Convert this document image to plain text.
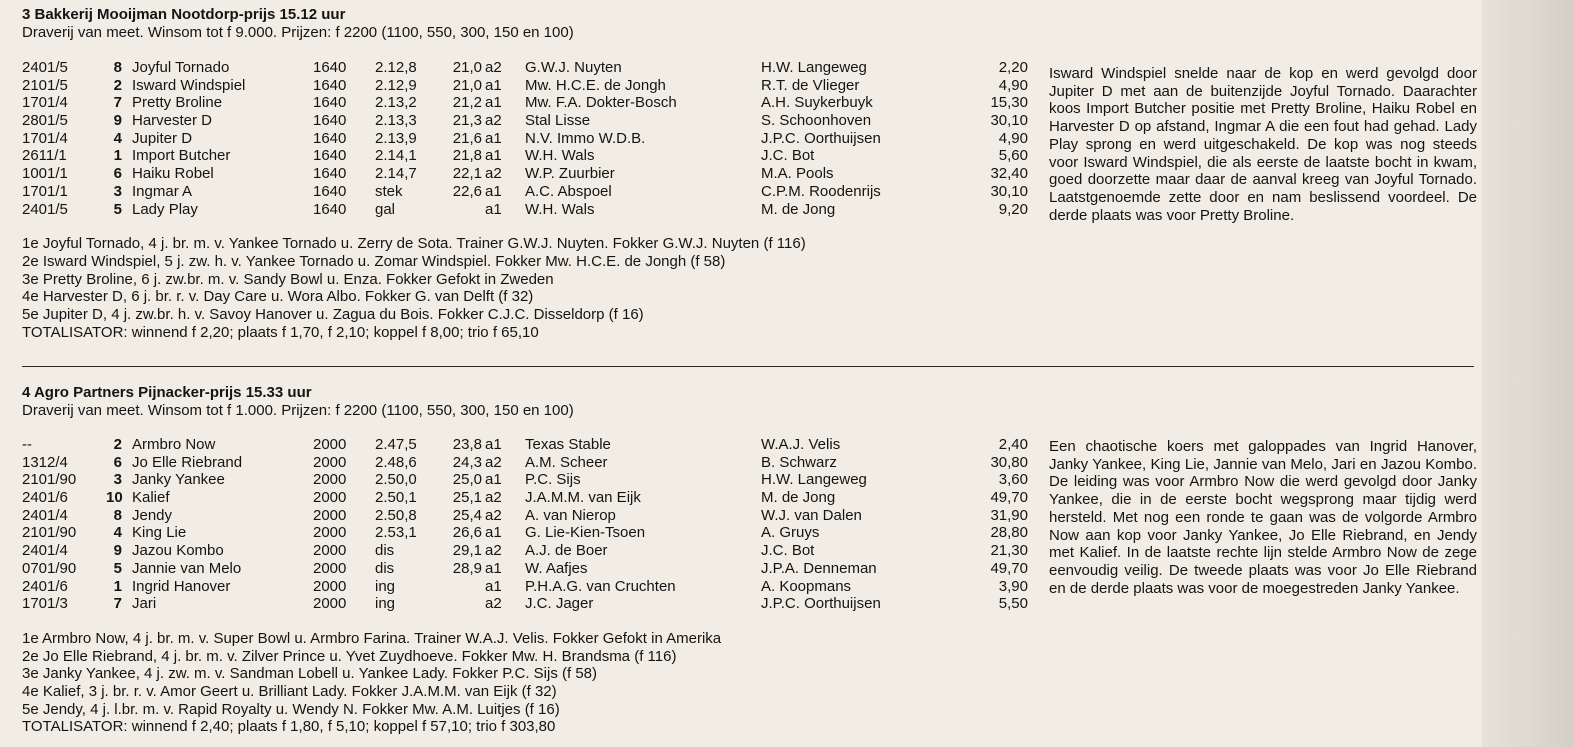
3 Bakkerij Mooijman Nootdorp-prijs 15.12 uur
Draverij van meet. Winsom tot f 9.000. Prijzen: f 2200 (1100, 550, 300, 150 en 100)
2401/5	8 Joyful Tornado	1640 2.12,8	21,0 a2 G.W.J. Nuyten	H.W. Langeweg	2,20
2101/5	2 Isward Windspiel	1640 2.12,9	21,0 a1 Mw. H.C.E. de Jongh	R.T. de Vlieger	4,90
1701/4	7 Pretty Broline	1640 2.13,2	21,2 a1 Mw. F.A. Dokter-Bosch	A.H. Suykerbuyk	15,30
2801/5	9 Harvester D	1640 2.13,3	21,3 a2 Stal Lisse	S. Schoonhoven	30,10
1701/4	4 Jupiter D	1640 2.13,9	21,6 a1 N.V. Immo W.D.B.	J.P.C. Oorthuijsen	4,90
2611/1	1 Import Butcher	1640 2.14,1	21,8 a1 W.H. Wals	J.C. Bot	5,60
1001/1	6 Haiku Robel	1640 2.14,7	22,1 a2 W.P. Zuurbier	M.A. Pools	32,40
1701/1	3 Ingmar A	1640 stek	22,6 a1 A.C. Abspoel	C.P.M. Roodenrijs	30,10
2401/5	5 Lady Play	1640 gal	a1 W.H. Wals	M. de Jong	9,20
Isward Windspiel snelde naar de kop en werd gevolgd door Jupiter D met aan de buitenzijde Joyful Tornado. Daarachter koos Import Butcher positie met Pretty Broline, Haiku Robel en Harvester D op afstand, Ingmar A die een fout had gehad. Lady Play sprong en werd uitgeschakeld. De kop was nog steeds voor Isward Windspiel, die als eerste de laatste bocht in kwam, goed doorzette maar daar de aanval kreeg van Joyful Tornado. Laatstgenoemde zette door en nam beslissend voordeel. De derde plaats was voor Pretty Broline.
1e Joyful Tornado, 4 j. br. m. v. Yankee Tornado u. Zerry de Sota. Trainer G.W.J. Nuyten. Fokker G.W.J. Nuyten (f 116)
2e Isward Windspiel, 5 j. zw. h. v. Yankee Tornado u. Zomar Windspiel. Fokker Mw. H.C.E. de Jongh (f 58)
3e Pretty Broline, 6 j. zw.br. m. v. Sandy Bowl u. Enza. Fokker Gefokt in Zweden
4e Harvester D, 6 j. br. r. v. Day Care u. Wora Albo. Fokker G. van Delft (f 32)
5e Jupiter D, 4 j. zw.br. h. v. Savoy Hanover u. Zagua du Bois. Fokker C.J.C. Disseldorp (f 16)
TOTALISATOR: winnend f 2,20; plaats f 1,70, f 2,10; koppel f 8,00; trio f 65,10
4 Agro Partners Pijnacker-prijs 15.33 uur
Draverij van meet. Winsom tot f 1.000. Prijzen: f 2200 (1100, 550, 300, 150 en 100)
--	2 Armbro Now	2000 2.47,5	23,8 a1 Texas Stable	W.A.J. Velis	2,40
1312/4	6 Jo Elle Riebrand	2000 2.48,6	24,3 a2 A.M. Scheer	B. Schwarz	30,80
2101/90	3 Janky Yankee	2000 2.50,0	25,0 a1 P.C. Sijs	H.W. Langeweg	3,60
2401/6	10 Kalief	2000 2.50,1	25,1 a2 J.A.M.M. van Eijk	M. de Jong	49,70
2401/4	8 Jendy	2000 2.50,8	25,4 a2 A. van Nierop	W.J. van Dalen	31,90
2101/90	4 King Lie	2000 2.53,1	26,6 a1 G. Lie-Kien-Tsoen	A. Gruys	28,80
2401/4	9 Jazou Kombo	2000 dis	29,1 a2 A.J. de Boer	J.C. Bot	21,30
0701/90	5 Jannie van Melo	2000 dis	28,9 a1 W. Aafjes	J.P.A. Denneman	49,70
2401/6	1 Ingrid Hanover	2000 ing	a1 P.H.A.G. van Cruchten	A. Koopmans	3,90
1701/3	7 Jari	2000 ing	a2 J.C. Jager	J.P.C. Oorthuijsen	5,50
Een chaotische koers met galoppades van Ingrid Hanover, Janky Yankee, King Lie, Jannie van Melo, Jari en Jazou Kombo. De leiding was voor Armbro Now die werd gevolgd door Janky Yankee, die in de eerste bocht wegsprong maar tijdig werd hersteld. Met nog een ronde te gaan was de volgorde Armbro Now aan kop voor Janky Yankee, Jo Elle Riebrand, en Jendy met Kalief. In de laatste rechte lijn stelde Armbro Now de zege eenvoudig veilig. De tweede plaats was voor Jo Elle Riebrand en de derde plaats was voor de moegestreden Janky Yankee.
1e Armbro Now, 4 j. br. m. v. Super Bowl u. Armbro Farina. Trainer W.A.J. Velis. Fokker Gefokt in Amerika
2e Jo Elle Riebrand, 4 j. br. m. v. Zilver Prince u. Yvet Zuydhoeve. Fokker Mw. H. Brandsma (f 116)
3e Janky Yankee, 4 j. zw. m. v. Sandman Lobell u. Yankee Lady. Fokker P.C. Sijs (f 58)
4e Kalief, 3 j. br. r. v. Amor Geert u. Brilliant Lady. Fokker J.A.M.M. van Eijk (f 32)
5e Jendy, 4 j. l.br. m. v. Rapid Royalty u. Wendy N. Fokker Mw. A.M. Luitjes (f 16)
TOTALISATOR: winnend f 2,40; plaats f 1,80, f 5,10; koppel f 57,10; trio f 303,80
